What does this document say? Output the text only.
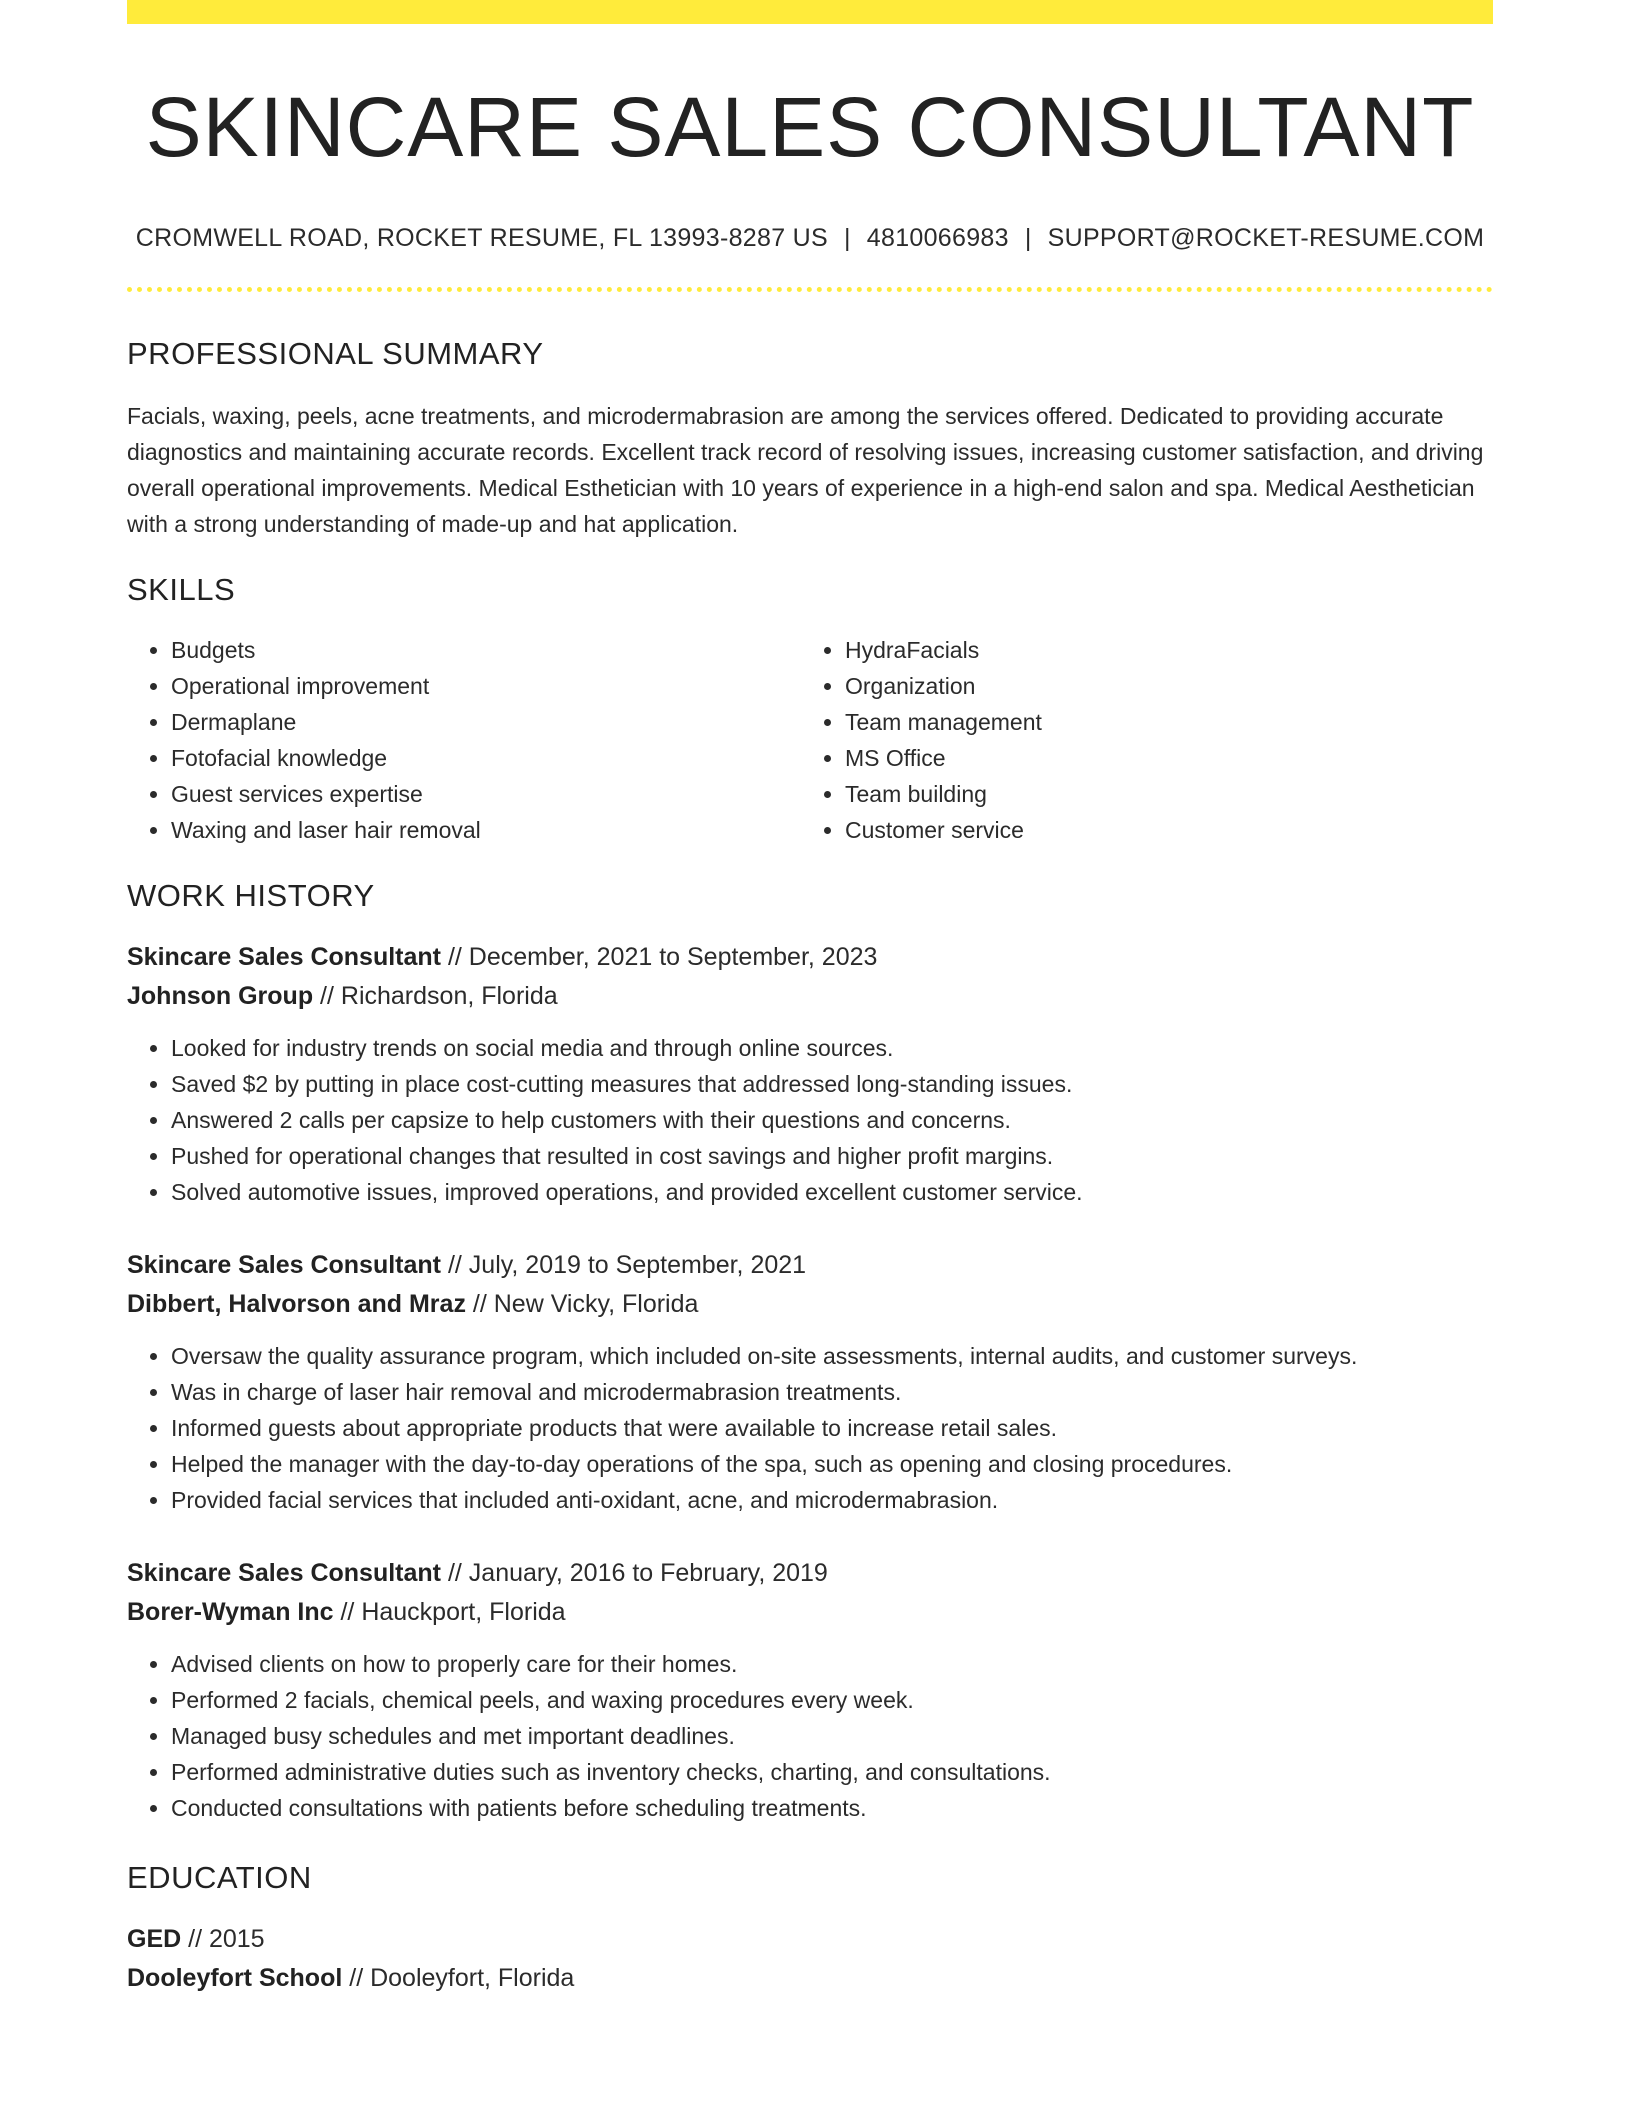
SKINCARE SALES CONSULTANT
CROMWELL ROAD, ROCKET RESUME, FL 13993-8287 US | 4810066983 | SUPPORT@ROCKET-RESUME.COM
PROFESSIONAL SUMMARY
Facials, waxing, peels, acne treatments, and microdermabrasion are among the services offered. Dedicated to providing accurate diagnostics and maintaining accurate records. Excellent track record of resolving issues, increasing customer satisfaction, and driving overall operational improvements. Medical Esthetician with 10 years of experience in a high-end salon and spa. Medical Aesthetician with a strong understanding of made-up and hat application.
SKILLS
• Budgets
• Operational improvement
• Dermaplane
• Fotofacial knowledge
• Guest services expertise
• Waxing and laser hair removal
• HydraFacials
• Organization
• Team management
• MS Office
• Team building
• Customer service
WORK HISTORY
Skincare Sales Consultant // December, 2021 to September, 2023
Johnson Group // Richardson, Florida
• Looked for industry trends on social media and through online sources.
• Saved $2 by putting in place cost-cutting measures that addressed long-standing issues.
• Answered 2 calls per capsize to help customers with their questions and concerns.
• Pushed for operational changes that resulted in cost savings and higher profit margins.
• Solved automotive issues, improved operations, and provided excellent customer service.
Skincare Sales Consultant // July, 2019 to September, 2021
Dibbert, Halvorson and Mraz // New Vicky, Florida
• Oversaw the quality assurance program, which included on-site assessments, internal audits, and customer surveys.
• Was in charge of laser hair removal and microdermabrasion treatments.
• Informed guests about appropriate products that were available to increase retail sales.
• Helped the manager with the day-to-day operations of the spa, such as opening and closing procedures.
• Provided facial services that included anti-oxidant, acne, and microdermabrasion.
Skincare Sales Consultant // January, 2016 to February, 2019
Borer-Wyman Inc // Hauckport, Florida
• Advised clients on how to properly care for their homes.
• Performed 2 facials, chemical peels, and waxing procedures every week.
• Managed busy schedules and met important deadlines.
• Performed administrative duties such as inventory checks, charting, and consultations.
• Conducted consultations with patients before scheduling treatments.
EDUCATION
GED // 2015
Dooleyfort School // Dooleyfort, Florida
